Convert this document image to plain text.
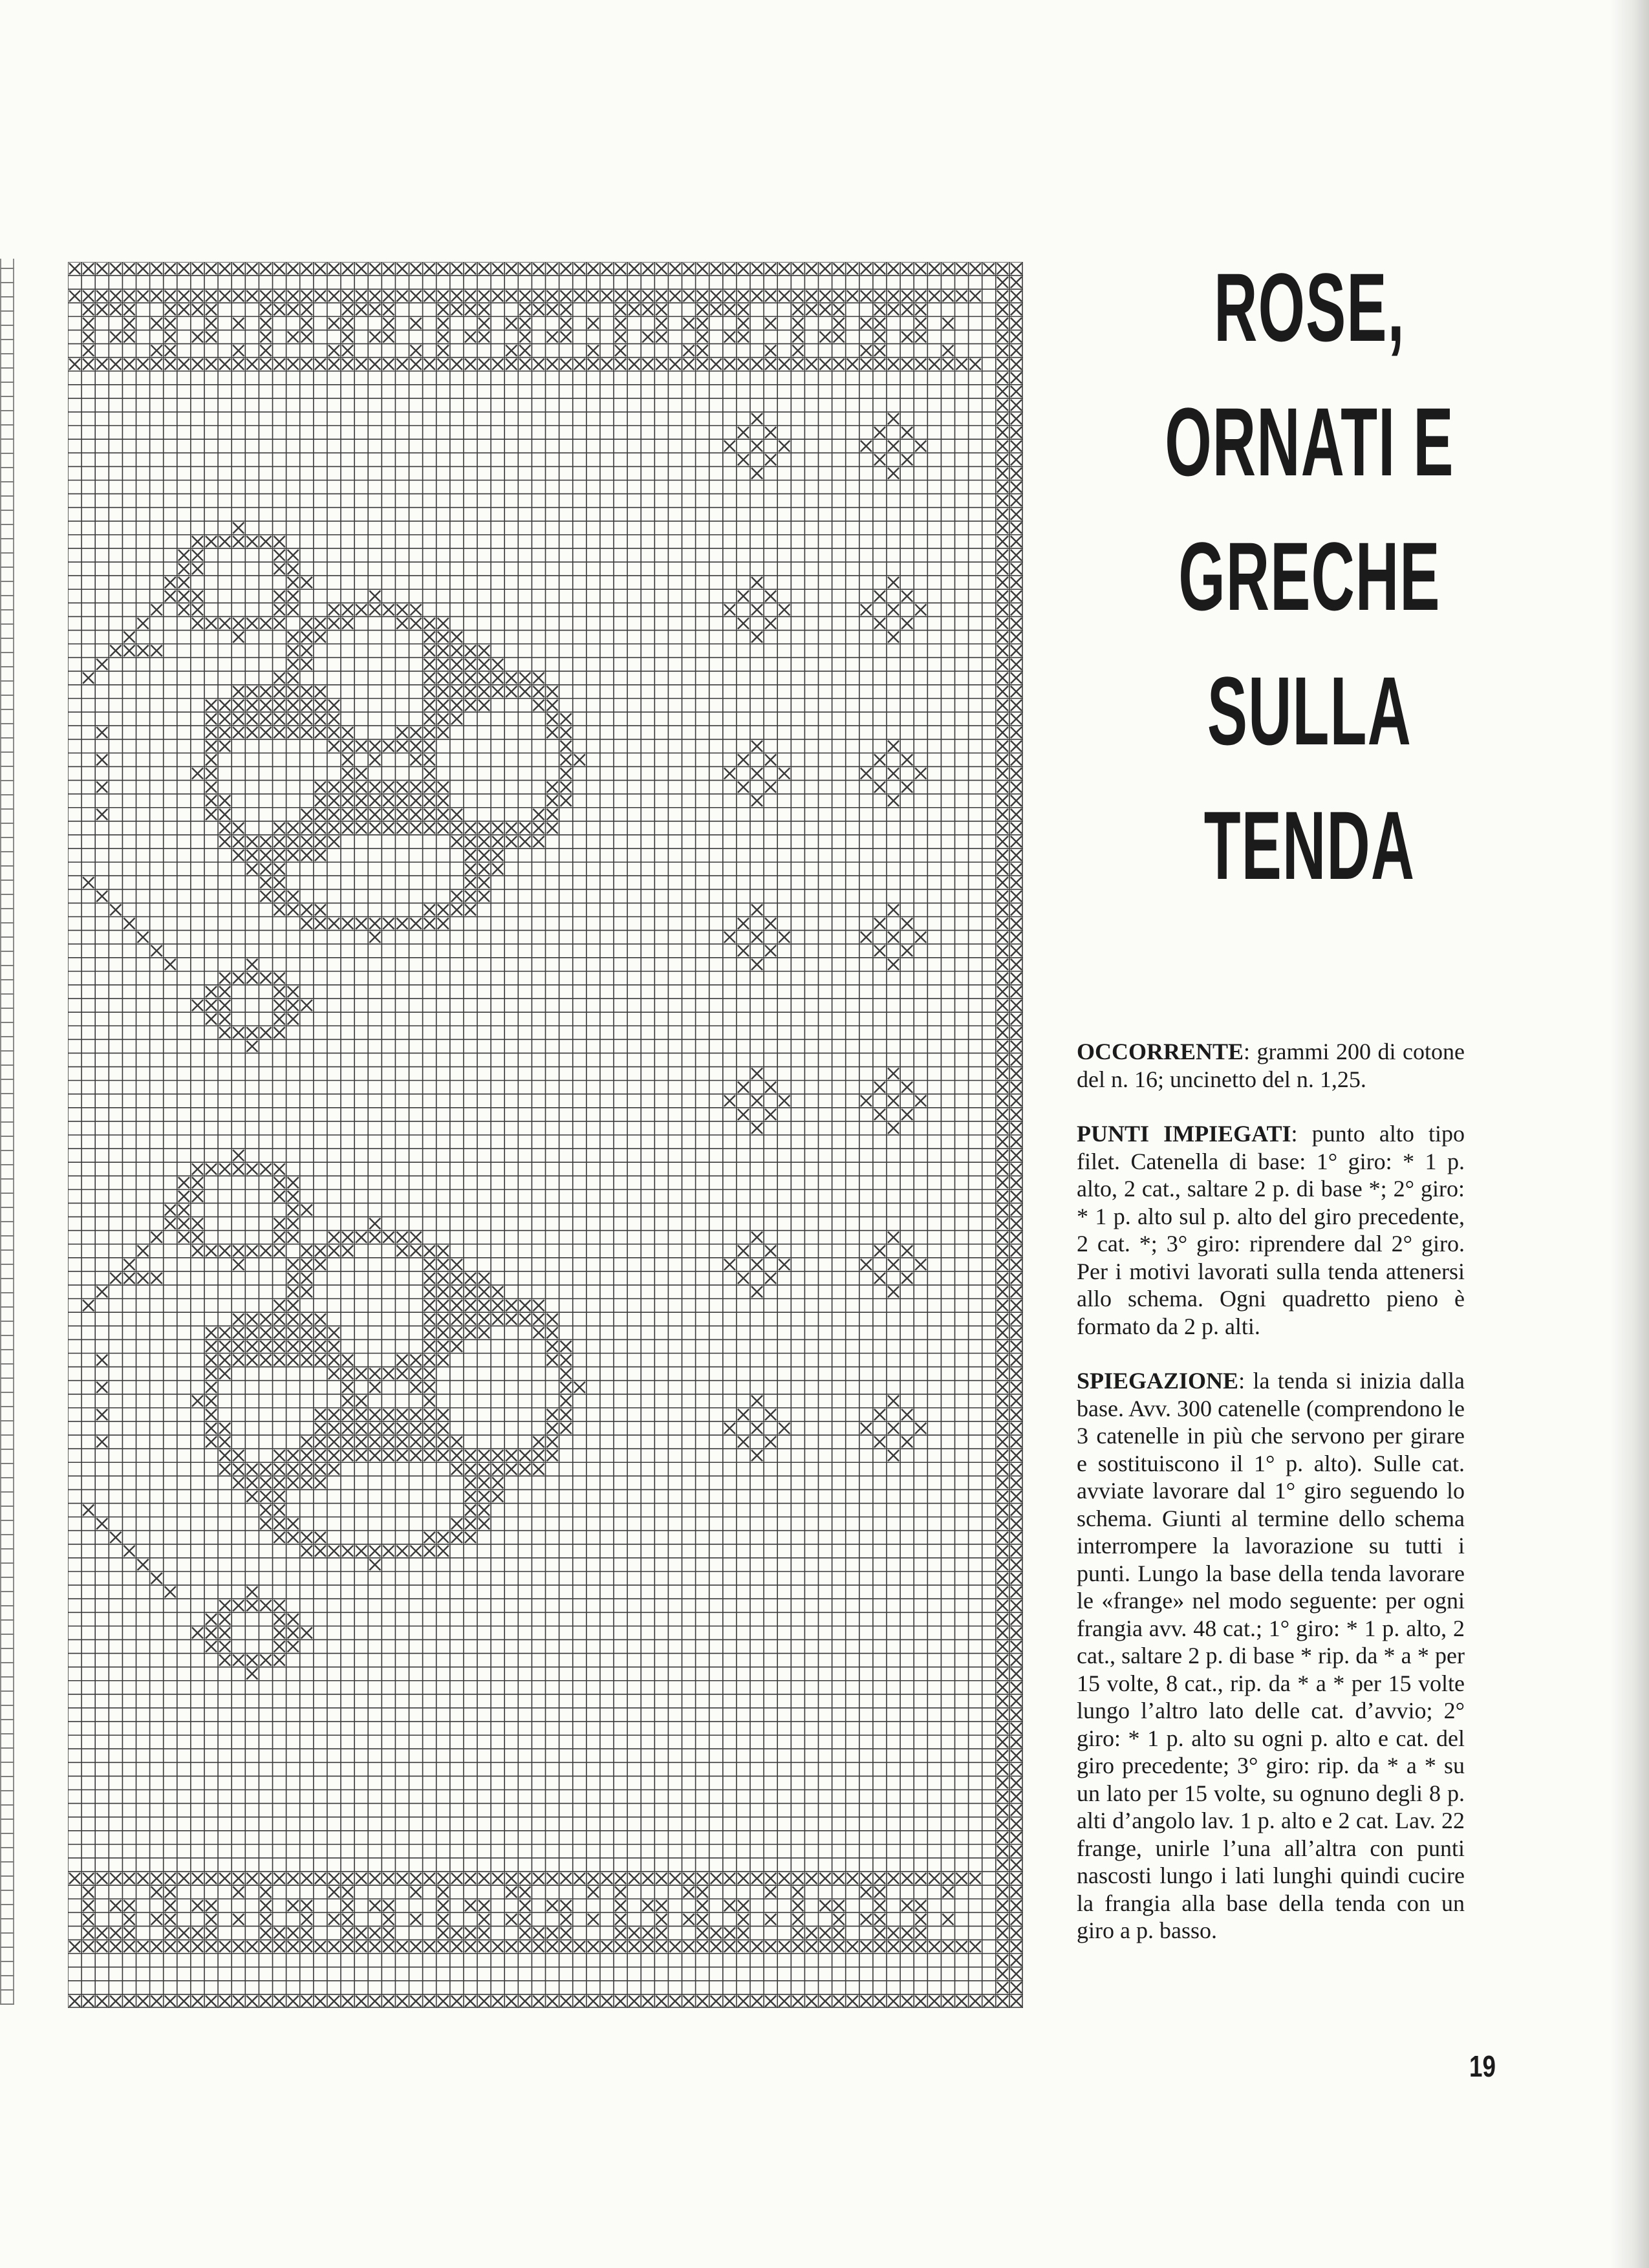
ROSE,
ORNATI E
GRECHE
SULLA
TENDA

OCCORRENTE: grammi 200 di cotone del n. 16; uncinetto del n. 1,25.

PUNTI IMPIEGATI: punto alto tipo filet. Catenella di base: 1° giro: * 1 p. alto, 2 cat., saltare 2 p. di base *; 2° giro: * 1 p. alto sul p. alto del giro precedente, 2 cat. *; 3° giro: riprendere dal 2° giro. Per i motivi lavorati sulla tenda attenersi allo schema. Ogni quadretto pieno è formato da 2 p. alti.

SPIEGAZIONE: la tenda si inizia dalla base. Avv. 300 catenelle (comprendono le 3 catenelle in più che servono per girare e sostituiscono il 1° p. alto). Sulle cat. avviate lavorare dal 1° giro seguendo lo schema. Giunti al termine dello schema interrompere la lavorazione su tutti i punti. Lungo la base della tenda lavorare le «frange» nel modo seguente: per ogni frangia avv. 48 cat.; 1° giro: * 1 p. alto, 2 cat., saltare 2 p. di base * rip. da * a * per 15 volte, 8 cat., rip. da * a * per 15 volte lungo l’altro lato delle cat. d’avvio; 2° giro: * 1 p. alto su ogni p. alto e cat. del giro precedente; 3° giro: rip. da * a * su un lato per 15 volte, su ognuno degli 8 p. alti d’angolo lav. 1 p. alto e 2 cat. Lav. 22 frange, unirle l’una all’altra con punti nascosti lungo i lati lunghi quindi cucire la frangia alla base della tenda con un giro a p. basso.

19
